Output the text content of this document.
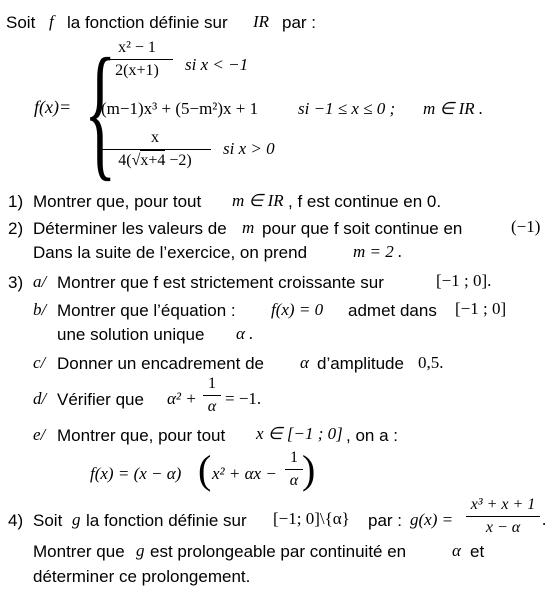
Soit f la fonction définie sur IR par :
f(x)= {
$\frac{\text{x² − 1}}{2(x+1)}$ si x < −1
(m−1)x³ + (5−m²)x + 1 si −1 ≤ x ≤ 0 ; m ∈ IR .
$\frac{x}{4(√x+4 -2)}$ si x > 0
1) Montrer que, pour tout m ∈ IR , f est continue en 0.
2) Déterminer les valeurs de m pour que f soit continue en	(−1)
Dans la suite de l’exercice, on prend	m = 2 .
3) a/ Montrer que f est strictement croissante sur	[−1 ; 0].
b/ Montrer que l’équation : f(x) = 0 admet dans [−1 ; 0]
une solution unique α .
c/ Donner un encadrement de α d’amplitude 0,5.
d/ Vérifier que $\alpha^2 + \frac{1}{\alpha} = -1$.
e/ Montrer que, pour tout x ∈ [−1 ; 0] , on a :
f(x) = (x − α) ( $x^2 + \alpha x - \frac{1}{\alpha}$ )
4) Soit g la fonction définie sur [−1; 0]\{α} par : $g(x) = \frac{\text{x³ + x + 1}}{x - \alpha}$ .
Montrer que g est prolongeable par continuité en	α et
déterminer ce prolongement.
